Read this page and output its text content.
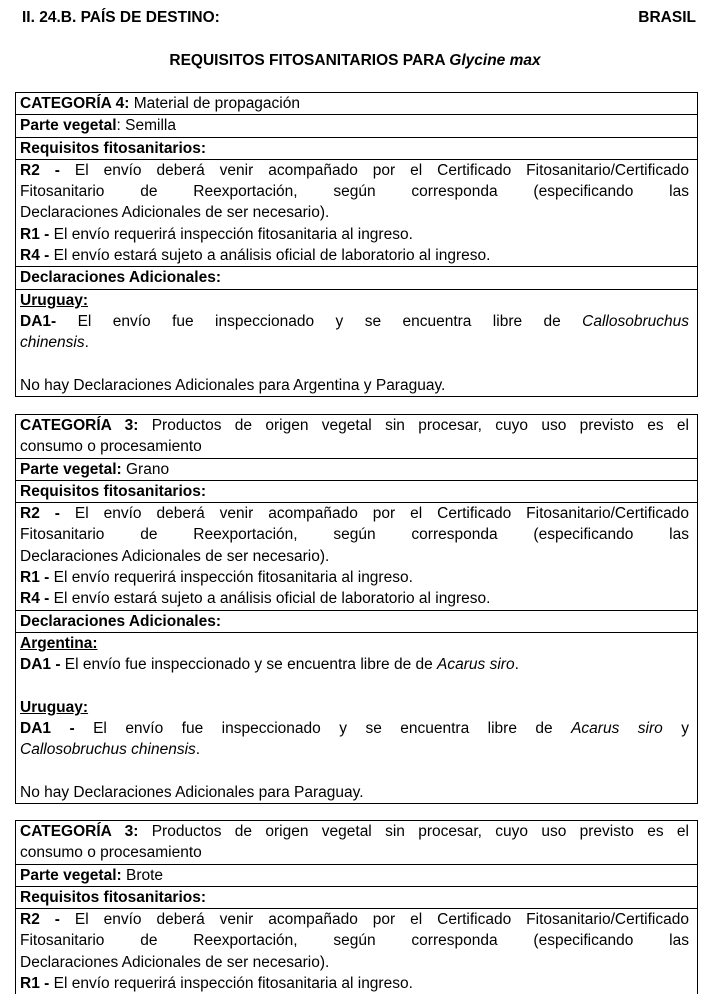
II. 24.B. PAÍS DE DESTINO:	BRASIL
REQUISITOS FITOSANITARIOS PARA Glycine max
CATEGORÍA 4: Material de propagación
Parte vegetal: Semilla
Requisitos fitosanitarios:
R2 - El envío deberá venir acompañado por el Certificado Fitosanitario/Certificado
Fitosanitario de Reexportación, según corresponda (especificando las
Declaraciones Adicionales de ser necesario).
R1 - El envío requerirá inspección fitosanitaria al ingreso.
R4 - El envío estará sujeto a análisis oficial de laboratorio al ingreso.
Declaraciones Adicionales:
Uruguay:
DA1- El envío fue inspeccionado y se encuentra libre de Callosobruchus
chinensis.
No hay Declaraciones Adicionales para Argentina y Paraguay.
CATEGORÍA 3: Productos de origen vegetal sin procesar, cuyo uso previsto es el
consumo o procesamiento
Parte vegetal: Grano
Requisitos fitosanitarios:
R2 - El envío deberá venir acompañado por el Certificado Fitosanitario/Certificado
Fitosanitario de Reexportación, según corresponda (especificando las
Declaraciones Adicionales de ser necesario).
R1 - El envío requerirá inspección fitosanitaria al ingreso.
R4 - El envío estará sujeto a análisis oficial de laboratorio al ingreso.
Declaraciones Adicionales:
Argentina:
DA1 - El envío fue inspeccionado y se encuentra libre de de Acarus siro.
Uruguay:
DA1 - El envío fue inspeccionado y se encuentra libre de Acarus siro y
Callosobruchus chinensis.
No hay Declaraciones Adicionales para Paraguay.
CATEGORÍA 3: Productos de origen vegetal sin procesar, cuyo uso previsto es el
consumo o procesamiento
Parte vegetal: Brote
Requisitos fitosanitarios:
R2 - El envío deberá venir acompañado por el Certificado Fitosanitario/Certificado
Fitosanitario de Reexportación, según corresponda (especificando las
Declaraciones Adicionales de ser necesario).
R1 - El envío requerirá inspección fitosanitaria al ingreso.
